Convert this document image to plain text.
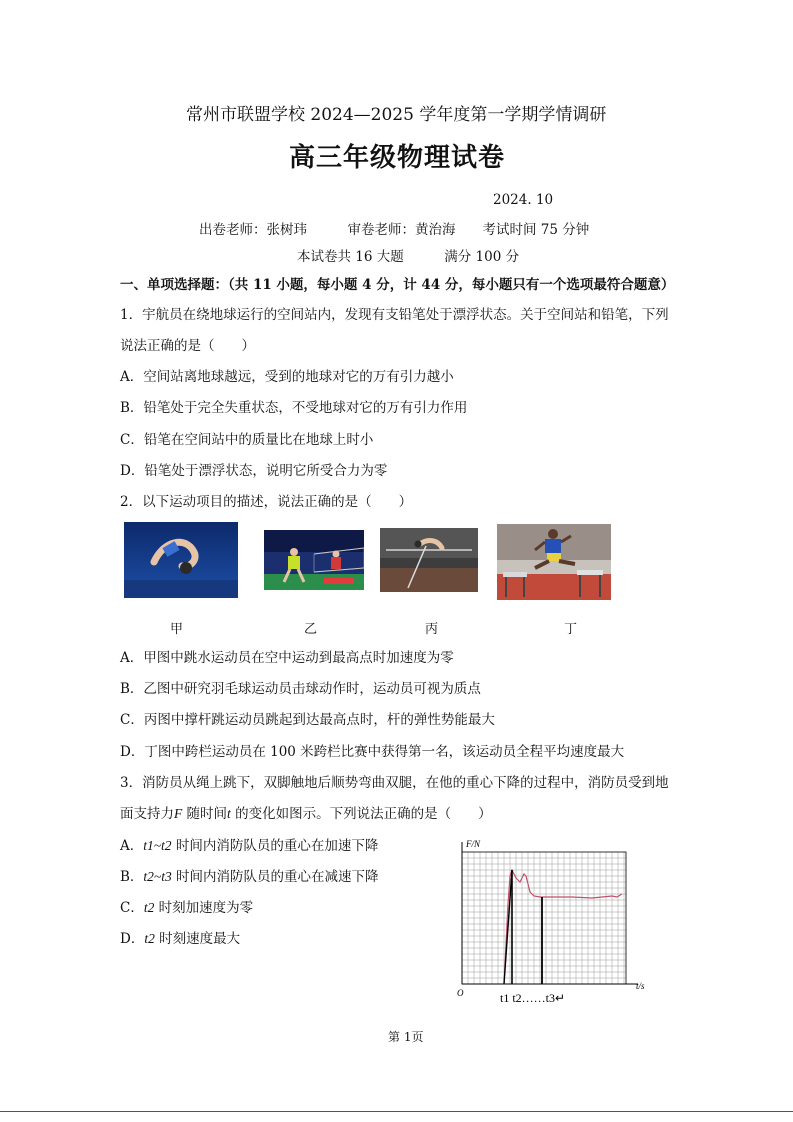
常州市联盟学校 2024—2025 学年度第一学期学情调研
高三年级物理试卷
2024. 10
出卷老师：张树玮　　　审卷老师：黄治海　　考试时间 75 分钟
本试卷共 16 大题　　　满分 100 分
一、单项选择题：（共 11 小题，每小题 4 分，计 44 分，每小题只有一个选项最符合题意）
1．宇航员在绕地球运行的空间站内，发现有支铅笔处于漂浮状态。关于空间站和铅笔，下列
说法正确的是（　　）
A．空间站离地球越远，受到的地球对它的万有引力越小
B．铅笔处于完全失重状态，不受地球对它的万有引力作用
C．铅笔在空间站中的质量比在地球上时小
D．铅笔处于漂浮状态，说明它所受合力为零
2．以下运动项目的描述，说法正确的是（　　）
甲	乙	丙	丁
A．甲图中跳水运动员在空中运动到最高点时加速度为零
B．乙图中研究羽毛球运动员击球动作时，运动员可视为质点
C．丙图中撑杆跳运动员跳起到达最高点时，杆的弹性势能最大
D．丁图中跨栏运动员在 100 米跨栏比赛中获得第一名，该运动员全程平均速度最大
3．消防员从绳上跳下，双脚触地后顺势弯曲双腿，在他的重心下降的过程中，消防员受到地
面支持力F 随时间t 的变化如图示。下列说法正确的是（　　）
A．t1~t2 时间内消防队员的重心在加速下降
B．t2~t3 时间内消防队员的重心在减速下降
C．t2 时刻加速度为零
D．t2 时刻速度最大
F/N
t/s
O	t1 t2……t3↵
第 1页
